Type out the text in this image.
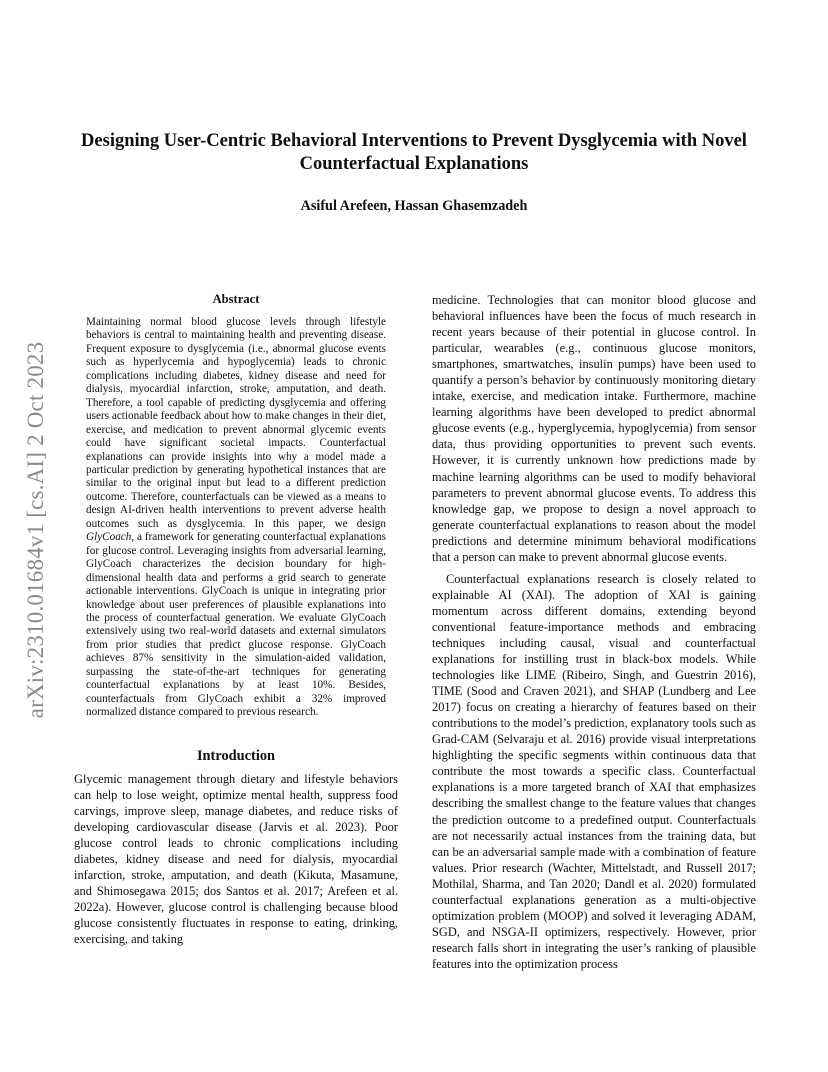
arXiv:2310.01684v1 [cs.AI] 2 Oct 2023
Designing User-Centric Behavioral Interventions to Prevent Dysglycemia with Novel Counterfactual Explanations
Asiful Arefeen, Hassan Ghasemzadeh
Abstract

Maintaining normal blood glucose levels through lifestyle behaviors is central to maintaining health and preventing disease. Frequent exposure to dysglycemia (i.e., abnormal glucose events such as hyperlycemia and hypoglycemia) leads to chronic complications including diabetes, kidney disease and need for dialysis, myocardial infarction, stroke, amputation, and death. Therefore, a tool capable of predicting dysglycemia and offering users actionable feedback about how to make changes in their diet, exercise, and medication to prevent abnormal glycemic events could have significant societal impacts. Counterfactual explanations can provide insights into why a model made a particular prediction by generating hypothetical instances that are similar to the original input but lead to a different prediction outcome. Therefore, counterfactuals can be viewed as a means to design AI-driven health interventions to prevent adverse health outcomes such as dysglycemia. In this paper, we design GlyCoach, a framework for generating counterfactual explanations for glucose control. Leveraging insights from adversarial learning, GlyCoach characterizes the decision boundary for high-dimensional health data and performs a grid search to generate actionable interventions. GlyCoach is unique in integrating prior knowledge about user preferences of plausible explanations into the process of counterfactual generation. We evaluate GlyCoach extensively using two real-world datasets and external simulators from prior studies that predict glucose response. GlyCoach achieves 87% sensitivity in the simulation-aided validation, surpassing the state-of-the-art techniques for generating counterfactual explanations by at least 10%. Besides, counterfactuals from GlyCoach exhibit a 32% improved normalized distance compared to previous research.

Introduction

Glycemic management through dietary and lifestyle behaviors can help to lose weight, optimize mental health, suppress food carvings, improve sleep, manage diabetes, and reduce risks of developing cardiovascular disease (Jarvis et al. 2023). Poor glucose control leads to chronic complications including diabetes, kidney disease and need for dialysis, myocardial infarction, stroke, amputation, and death (Kikuta, Masamune, and Shimosegawa 2015; dos Santos et al. 2017; Arefeen et al. 2022a). However, glucose control is challenging because blood glucose consistently fluctuates in response to eating, drinking, exercising, and taking

medicine. Technologies that can monitor blood glucose and behavioral influences have been the focus of much research in recent years because of their potential in glucose control. In particular, wearables (e.g., continuous glucose monitors, smartphones, smartwatches, insulin pumps) have been used to quantify a person’s behavior by continuously monitoring dietary intake, exercise, and medication intake. Furthermore, machine learning algorithms have been developed to predict abnormal glucose events (e.g., hyperglycemia, hypoglycemia) from sensor data, thus providing opportunities to prevent such events. However, it is currently unknown how predictions made by machine learning algorithms can be used to modify behavioral parameters to prevent abnormal glucose events. To address this knowledge gap, we propose to design a novel approach to generate counterfactual explanations to reason about the model predictions and determine minimum behavioral modifications that a person can make to prevent abnormal glucose events.

Counterfactual explanations research is closely related to explainable AI (XAI). The adoption of XAI is gaining momentum across different domains, extending beyond conventional feature-importance methods and embracing techniques including causal, visual and counterfactual explanations for instilling trust in black-box models. While technologies like LIME (Ribeiro, Singh, and Guestrin 2016), TIME (Sood and Craven 2021), and SHAP (Lundberg and Lee 2017) focus on creating a hierarchy of features based on their contributions to the model’s prediction, explanatory tools such as Grad-CAM (Selvaraju et al. 2016) provide visual interpretations highlighting the specific segments within continuous data that contribute the most towards a specific class. Counterfactual explanations is a more targeted branch of XAI that emphasizes describing the smallest change to the feature values that changes the prediction outcome to a predefined output. Counterfactuals are not necessarily actual instances from the training data, but can be an adversarial sample made with a combination of feature values. Prior research (Wachter, Mittelstadt, and Russell 2017; Mothilal, Sharma, and Tan 2020; Dandl et al. 2020) formulated counterfactual explanations generation as a multi-objective optimization problem (MOOP) and solved it leveraging ADAM, SGD, and NSGA-II optimizers, respectively. However, prior research falls short in integrating the user’s ranking of plausible features into the optimization process
